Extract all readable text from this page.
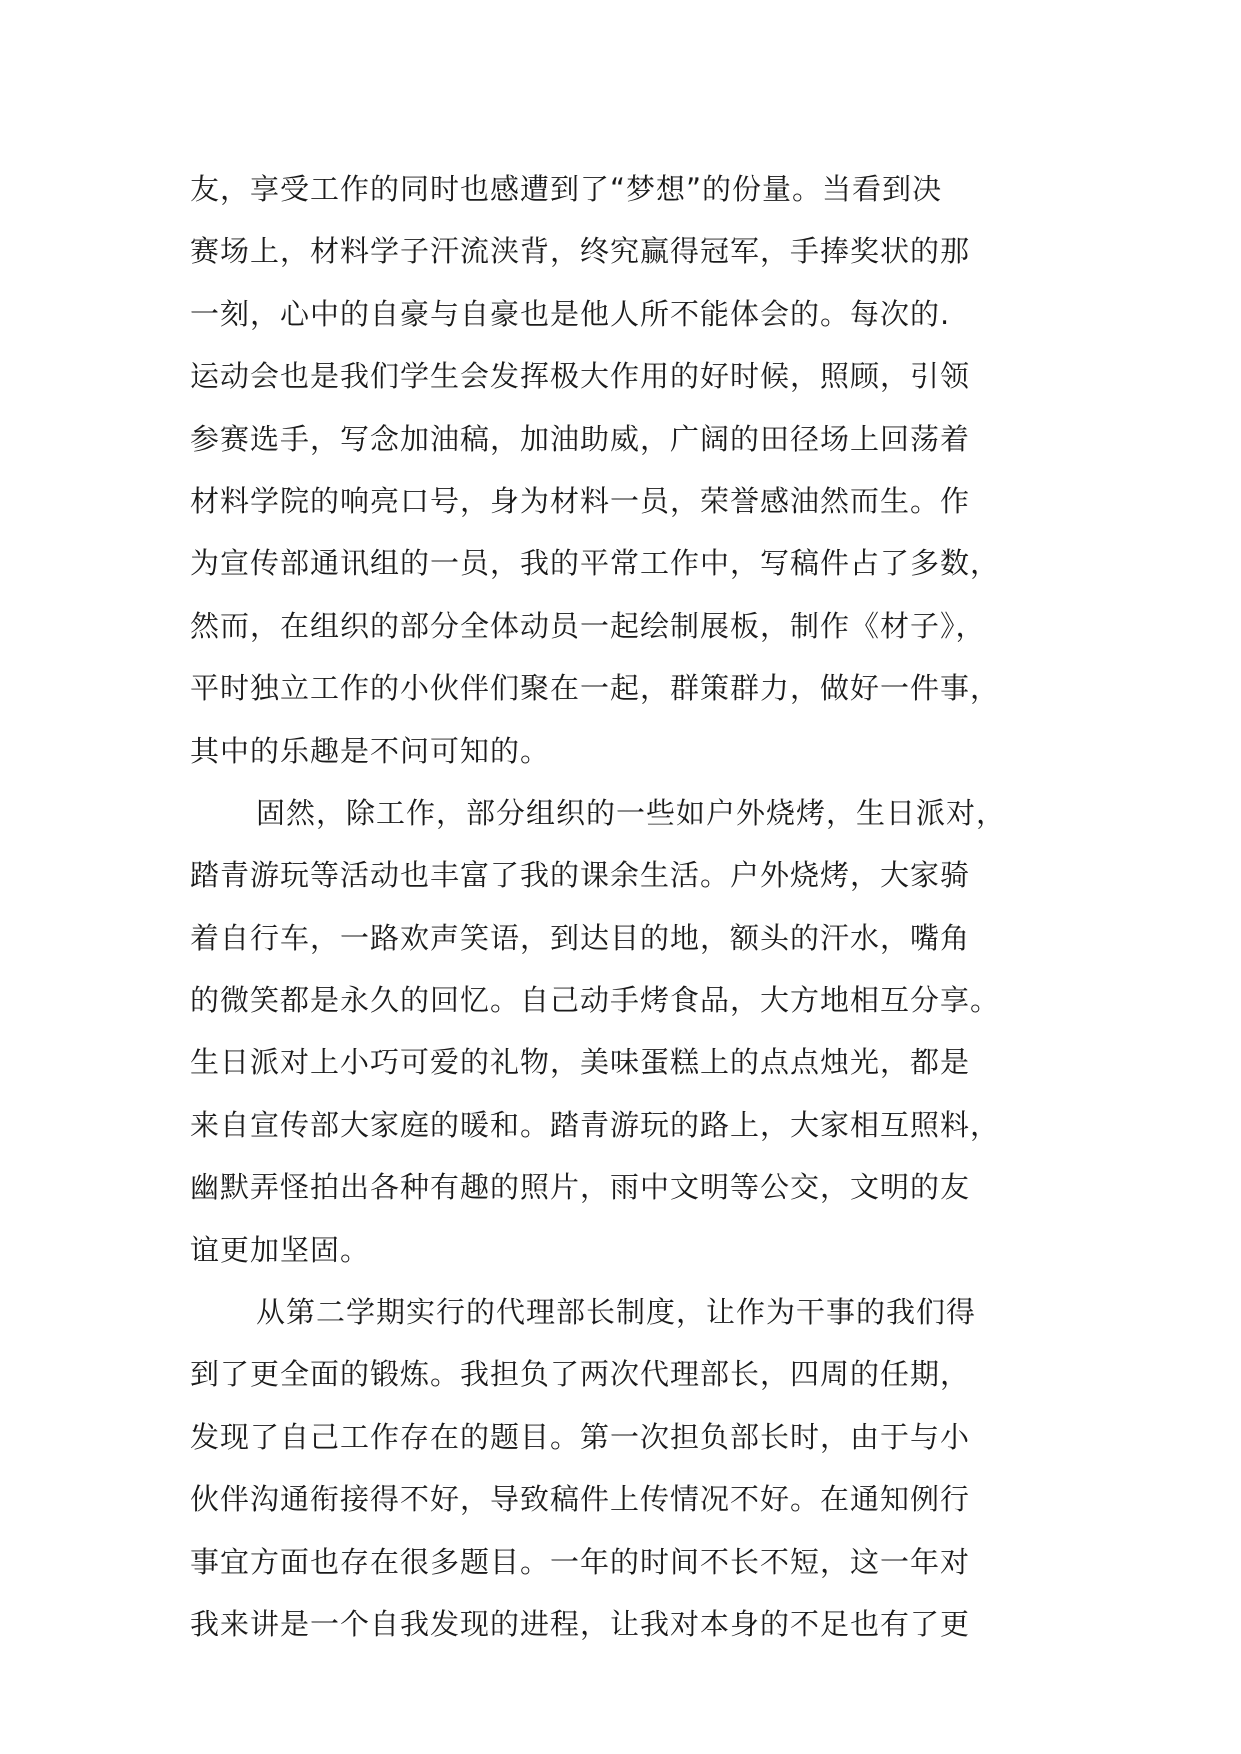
友，享受工作的同时也感遭到了“梦想”的份量。当看到决
赛场上，材料学子汗流浃背，终究赢得冠军，手捧奖状的那
一刻，心中的自豪与自豪也是他人所不能体会的。每次的.
运动会也是我们学生会发挥极大作用的好时候，照顾，引领
参赛选手，写念加油稿，加油助威，广阔的田径场上回荡着
材料学院的响亮口号，身为材料一员，荣誉感油然而生。作
为宣传部通讯组的一员，我的平常工作中，写稿件占了多数，
然而，在组织的部分全体动员一起绘制展板，制作《材子》，
平时独立工作的小伙伴们聚在一起，群策群力，做好一件事，
其中的乐趣是不问可知的。
固然，除工作，部分组织的一些如户外烧烤，生日派对，
踏青游玩等活动也丰富了我的课余生活。户外烧烤，大家骑
着自行车，一路欢声笑语，到达目的地，额头的汗水，嘴角
的微笑都是永久的回忆。自己动手烤食品，大方地相互分享。
生日派对上小巧可爱的礼物，美味蛋糕上的点点烛光，都是
来自宣传部大家庭的暖和。踏青游玩的路上，大家相互照料，
幽默弄怪拍出各种有趣的照片，雨中文明等公交，文明的友
谊更加坚固。
从第二学期实行的代理部长制度，让作为干事的我们得
到了更全面的锻炼。我担负了两次代理部长，四周的任期，
发现了自己工作存在的题目。第一次担负部长时，由于与小
伙伴沟通衔接得不好，导致稿件上传情况不好。在通知例行
事宜方面也存在很多题目。一年的时间不长不短，这一年对
我来讲是一个自我发现的进程，让我对本身的不足也有了更
